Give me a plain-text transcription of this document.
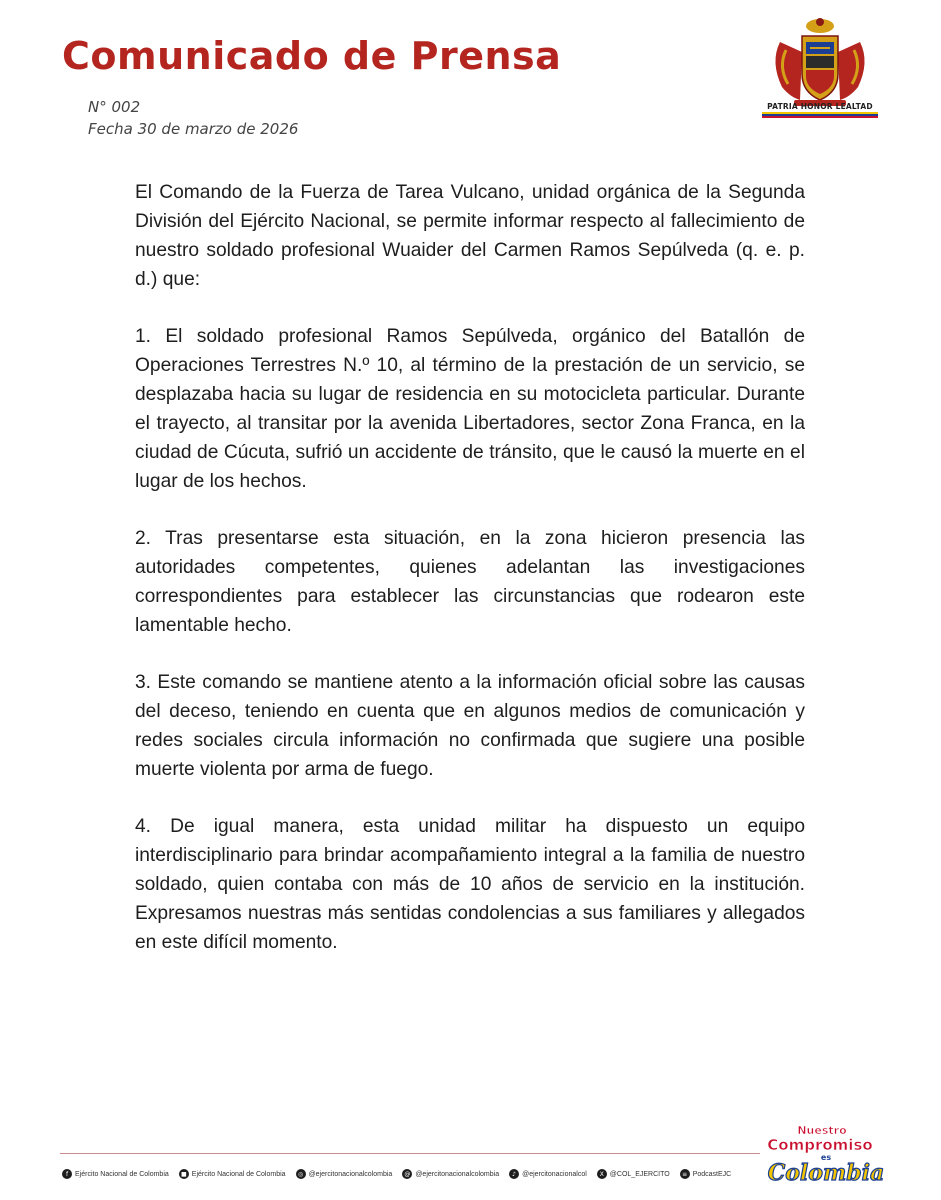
Comunicado de Prensa
N° 002
Fecha 30 de marzo de 2026
PATRIA HONOR LEALTAD

El Comando de la Fuerza de Tarea Vulcano, unidad orgánica de la Segunda División del Ejército Nacional, se permite informar respecto al fallecimiento de nuestro soldado profesional Wuaider del Carmen Ramos Sepúlveda (q. e. p. d.) que:

1. El soldado profesional Ramos Sepúlveda, orgánico del Batallón de Operaciones Terrestres N.º 10, al término de la prestación de un servicio, se desplazaba hacia su lugar de residencia en su motocicleta particular. Durante el trayecto, al transitar por la avenida Libertadores, sector Zona Franca, en la ciudad de Cúcuta, sufrió un accidente de tránsito, que le causó la muerte en el lugar de los hechos.

2. Tras presentarse esta situación, en la zona hicieron presencia las autoridades competentes, quienes adelantan las investigaciones correspondientes para establecer las circunstancias que rodearon este lamentable hecho.

3. Este comando se mantiene atento a la información oficial sobre las causas del deceso, teniendo en cuenta que en algunos medios de comunicación y redes sociales circula información no confirmada que sugiere una posible muerte violenta por arma de fuego.

4. De igual manera, esta unidad militar ha dispuesto un equipo interdisciplinario para brindar acompañamiento integral a la familia de nuestro soldado, quien contaba con más de 10 años de servicio en la institución. Expresamos nuestras más sentidas condolencias a sus familiares y allegados en este difícil momento.

f Ejército Nacional de Colombia	■ Ejército Nacional de Colombia	◎ @ejercitonacionalcolombia	@ @ejercitonacionalcolombia	♪ @ejercitonacionalcol	X @COL_EJERCITO	≡ PodcastEJC
Nuestro
Compromiso
es
Colombia
